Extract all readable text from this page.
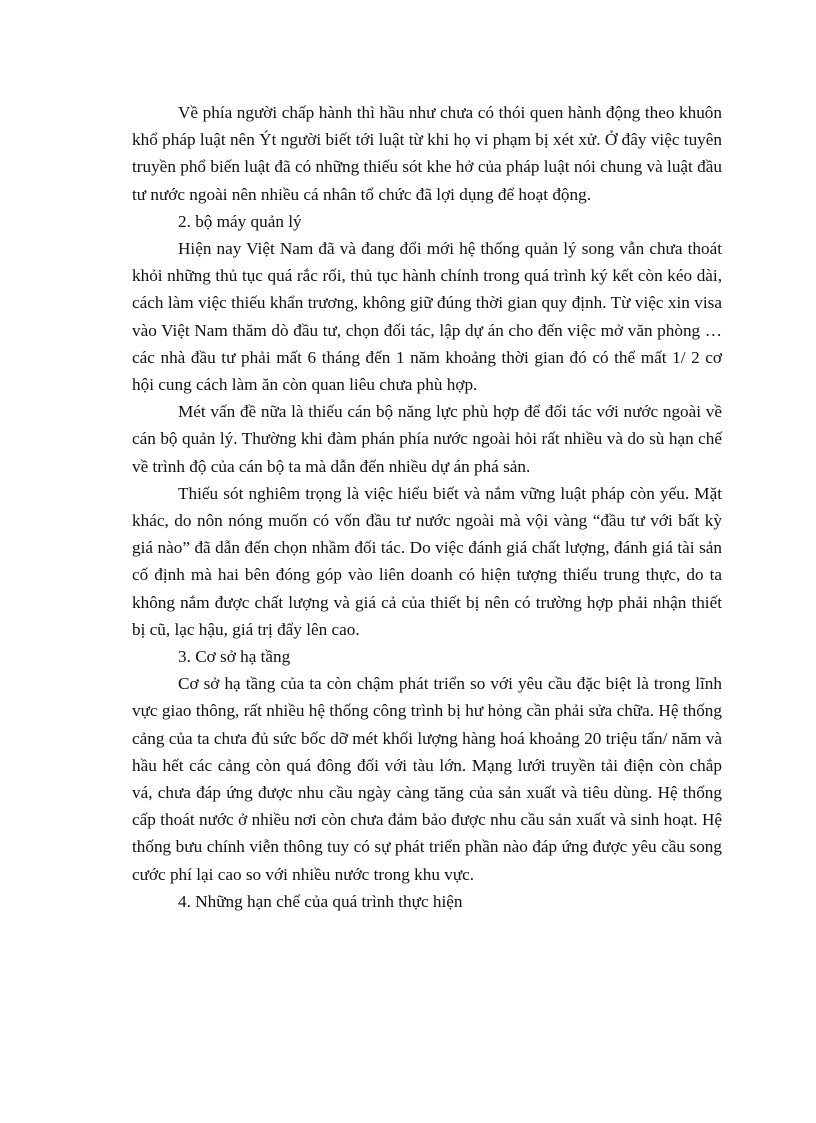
Về phía người chấp hành thì hầu như chưa có thói quen hành động theo khuôn khổ pháp luật nên Ýt người biết tới luật từ khi họ vi phạm bị xét xử. Ở đây việc tuyên truyền phổ biến luật đã có những thiếu sót khe hở của pháp luật nói chung và luật đầu tư nước ngoài nên nhiều cá nhân tổ chức đã lợi dụng để hoạt động.

2. bộ máy quản lý

Hiện nay Việt Nam đã và đang đổi mới hệ thống quản lý song vẫn chưa thoát khỏi những thủ tục quá rắc rối, thủ tục hành chính trong quá trình ký kết còn kéo dài, cách làm việc thiếu khẩn trương, không giữ đúng thời gian quy định. Từ việc xin visa vào Việt Nam thăm dò đầu tư, chọn đối tác, lập dự án cho đến việc mở văn phòng … các nhà đầu tư phải mất 6 tháng đến 1 năm khoảng thời gian đó có thể mất 1/ 2 cơ hội cung cách làm ăn còn quan liêu chưa phù hợp.

Mét vấn đề nữa là thiếu cán bộ năng lực phù hợp để đối tác với nước ngoài về cán bộ quản lý. Thường khi đàm phán phía nước ngoài hỏi rất nhiều và do sù hạn chế về trình độ của cán bộ ta mà dẫn đến nhiều dự án phá sản.

Thiếu sót nghiêm trọng là việc hiểu biết và nắm vững luật pháp còn yếu. Mặt khác, do nôn nóng muốn có vốn đầu tư nước ngoài mà vội vàng “đầu tư với bất kỳ giá nào” đã dẫn đến chọn nhầm đối tác. Do việc đánh giá chất lượng, đánh giá tài sản cố định mà hai bên đóng góp vào liên doanh có hiện tượng thiếu trung thực, do ta không nắm được chất lượng và giá cả của thiết bị nên có trường hợp phải nhận thiết bị cũ, lạc hậu, giá trị đẩy lên cao.

3. Cơ sở hạ tầng

Cơ sở hạ tầng của ta còn chậm phát triển so với yêu cầu đặc biệt là trong lĩnh vực giao thông, rất nhiều hệ thống công trình bị hư hỏng cần phải sửa chữa. Hệ thống cảng của ta chưa đủ sức bốc dỡ mét khối lượng hàng hoá khoảng 20 triệu tấn/ năm và hầu hết các cảng còn quá đông đối với tàu lớn. Mạng lưới truyền tải điện còn chắp vá, chưa đáp ứng được nhu cầu ngày càng tăng của sản xuất và tiêu dùng. Hệ thống cấp thoát nước ở nhiều nơi còn chưa đảm bảo được nhu cầu sản xuất và sinh hoạt. Hệ thống bưu chính viễn thông tuy có sự phát triển phần nào đáp ứng được yêu cầu song cước phí lại cao so với nhiều nước trong khu vực.

4. Những hạn chế của quá trình thực hiện
